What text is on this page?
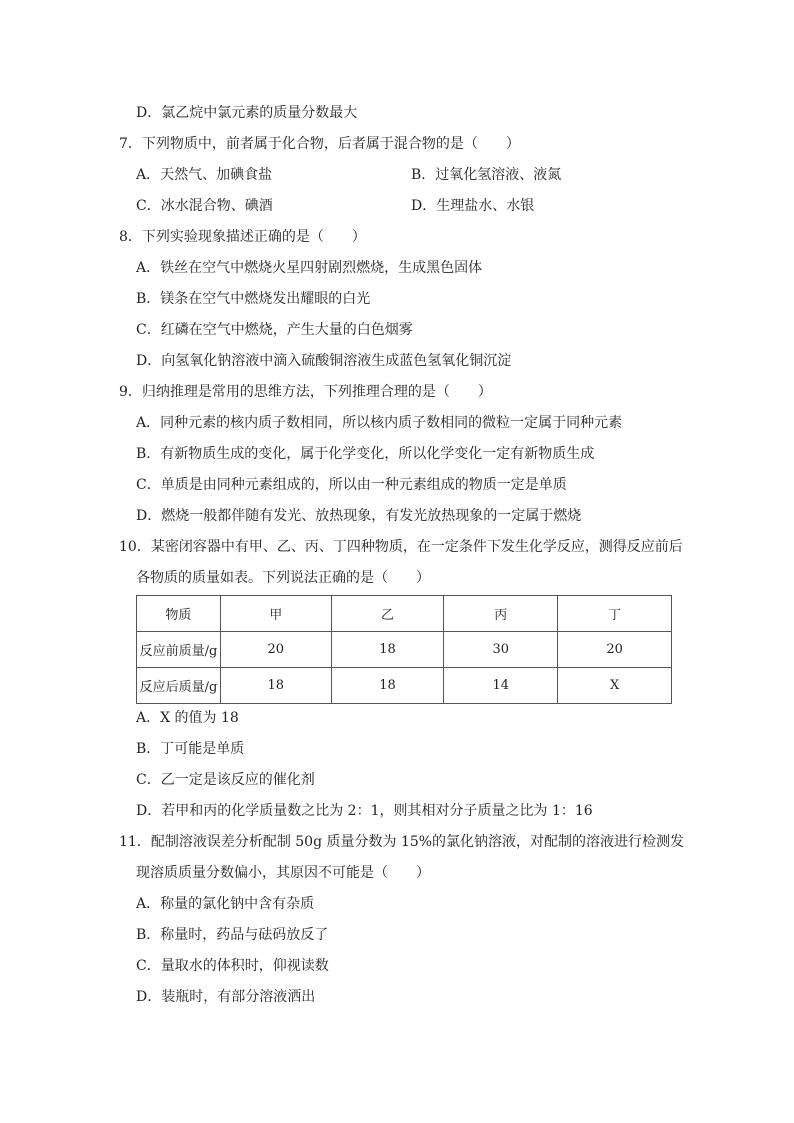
D．氯乙烷中氯元素的质量分数最大
7．下列物质中，前者属于化合物，后者属于混合物的是（　　）
A．天然气、加碘食盐	B．过氧化氢溶液、液氮
C．冰水混合物、碘酒	D．生理盐水、水银
8．下列实验现象描述正确的是（　　）
A．铁丝在空气中燃烧火星四射剧烈燃烧，生成黑色固体
B．镁条在空气中燃烧发出耀眼的白光
C．红磷在空气中燃烧，产生大量的白色烟雾
D．向氢氧化钠溶液中滴入硫酸铜溶液生成蓝色氢氧化铜沉淀
9．归纳推理是常用的思维方法，下列推理合理的是（　　）
A．同种元素的核内质子数相同，所以核内质子数相同的微粒一定属于同种元素
B．有新物质生成的变化，属于化学变化，所以化学变化一定有新物质生成
C．单质是由同种元素组成的，所以由一种元素组成的物质一定是单质
D．燃烧一般都伴随有发光、放热现象，有发光放热现象的一定属于燃烧
10．某密闭容器中有甲、乙、丙、丁四种物质，在一定条件下发生化学反应，测得反应前后
各物质的质量如表。下列说法正确的是（　　）
物质	甲	乙	丙	丁
反应前质量/g	20	18	30	20
反应后质量/g	18	18	14	X
A．X 的值为 18
B．丁可能是单质
C．乙一定是该反应的催化剂
D．若甲和丙的化学质量数之比为 2：1，则其相对分子质量之比为 1：16
11．配制溶液误差分析配制 50g 质量分数为 15%的氯化钠溶液，对配制的溶液进行检测发
现溶质质量分数偏小，其原因不可能是（　　）
A．称量的氯化钠中含有杂质
B．称量时，药品与砝码放反了
C．量取水的体积时，仰视读数
D．装瓶时，有部分溶液洒出
